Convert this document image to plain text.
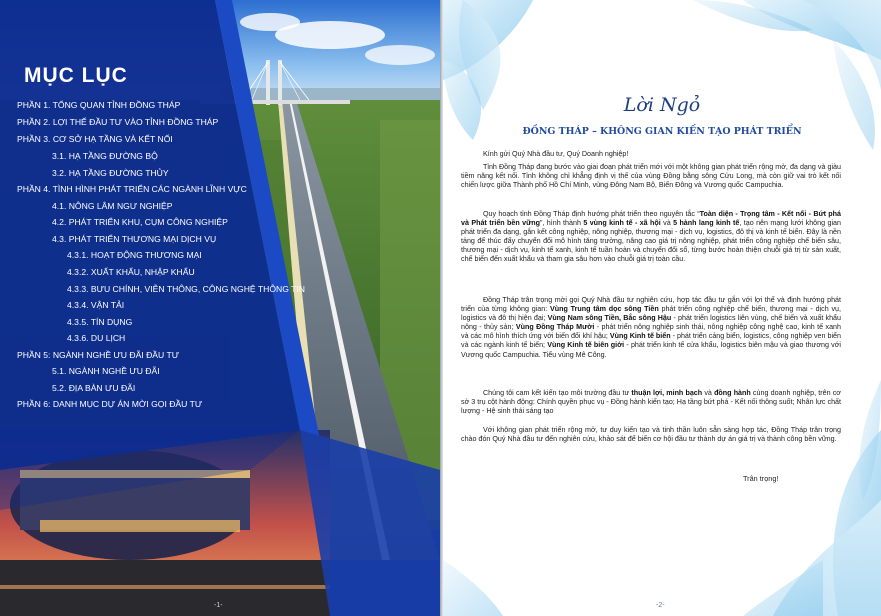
MỤC LỤC
PHẦN 1. TỔNG QUAN TỈNH ĐỒNG THÁP
PHẦN 2. LỢI THẾ ĐẦU TƯ VÀO TỈNH ĐỒNG THÁP
PHẦN 3. CƠ SỞ HẠ TẦNG VÀ KẾT NỐI
3.1. HẠ TẦNG ĐƯỜNG BỘ
3.2. HẠ TẦNG ĐƯỜNG THỦY
PHẦN 4. TÌNH HÌNH PHÁT TRIỂN CÁC NGÀNH LĨNH VỰC
4.1. NÔNG LÂM NGƯ NGHIỆP
4.2. PHÁT TRIỂN KHU, CỤM CÔNG NGHIỆP
4.3. PHÁT TRIỂN THƯƠNG MẠI DỊCH VỤ
4.3.1. HOẠT ĐỘNG THƯƠNG MẠI
4.3.2. XUẤT KHẨU, NHẬP KHẨU
4.3.3. BƯU CHÍNH, VIỄN THÔNG, CÔNG NGHỆ THÔNG TIN
4.3.4. VẬN TẢI
4.3.5. TÍN DỤNG
4.3.6. DU LỊCH
PHẦN 5: NGÀNH NGHỀ ƯU ĐÃI ĐẦU TƯ
5.1. NGÀNH NGHỀ ƯU ĐÃI
5.2. ĐỊA BÀN ƯU ĐÃI
PHẦN 6: DANH MỤC DỰ ÁN MỜI GỌI ĐẦU TƯ
-1-
Lời Ngỏ
ĐỒNG THÁP – KHÔNG GIAN KIẾN TẠO PHÁT TRIỂN
Kính gửi Quý Nhà đầu tư, Quý Doanh nghiệp!
Tỉnh Đồng Tháp đang bước vào giai đoạn phát triển mới với một không gian phát triển rộng mở, đa dạng và giàu tiềm năng kết nối. Tỉnh không chỉ khẳng định vị thế của vùng Đồng bằng sông Cửu Long, mà còn giữ vai trò kết nối chiến lược giữa Thành phố Hồ Chí Minh, vùng Đông Nam Bộ, Biển Đông và Vương quốc Campuchia.
Quy hoạch tỉnh Đồng Tháp định hướng phát triển theo nguyên tắc “Toàn diện - Trọng tâm - Kết nối - Bứt phá và Phát triển bền vững”, hình thành 5 vùng kinh tế - xã hội và 5 hành lang kinh tế, tạo nên mạng lưới không gian phát triển đa dạng, gắn kết công nghiệp, nông nghiệp, thương mại - dịch vụ, logistics, đô thị và kinh tế biển. Đây là nền tảng để thúc đẩy chuyển đổi mô hình tăng trưởng, nâng cao giá trị nông nghiệp, phát triển công nghiệp chế biến sâu, thương mại - dịch vụ, kinh tế xanh, kinh tế tuần hoàn và chuyển đổi số, từng bước hoàn thiện chuỗi giá trị từ sản xuất, chế biến đến xuất khẩu và tham gia sâu hơn vào chuỗi giá trị toàn cầu.
Đồng Tháp trân trọng mời gọi Quý Nhà đầu tư nghiên cứu, hợp tác đầu tư gắn với lợi thế và định hướng phát triển của từng không gian: Vùng Trung tâm dọc sông Tiền phát triển công nghiệp chế biến, thương mại - dịch vụ, logistics và đô thị hiện đại; Vùng Nam sông Tiền, Bắc sông Hậu - phát triển logistics liên vùng, chế biến và xuất khẩu nông - thủy sản; Vùng Đồng Tháp Mười - phát triển nông nghiệp sinh thái, nông nghiệp công nghệ cao, kinh tế xanh và các mô hình thích ứng với biến đổi khí hậu; Vùng Kinh tế biển - phát triển cảng biển, logistics, công nghiệp ven biển và các ngành kinh tế biển; Vùng Kinh tế biên giới - phát triển kinh tế cửa khẩu, logistics biên mậu và giao thương với Vương quốc Campuchia. Tiểu vùng Mê Công.
Chúng tôi cam kết kiến tạo môi trường đầu tư thuận lợi, minh bạch và đồng hành cùng doanh nghiệp, trên cơ sở 3 trụ cột hành động: Chính quyền phục vụ - Đồng hành kiến tạo; Hạ tầng bứt phá - Kết nối thông suốt; Nhân lực chất lượng - Hệ sinh thái sáng tạo
Với không gian phát triển rộng mở, tư duy kiến tạo và tinh thần luôn sẵn sàng hợp tác, Đồng Tháp trân trọng chào đón Quý Nhà đầu tư đến nghiên cứu, khảo sát để biến cơ hội đầu tư thành dự án giá trị và thành công bền vững.
Trân trọng!
-2-
